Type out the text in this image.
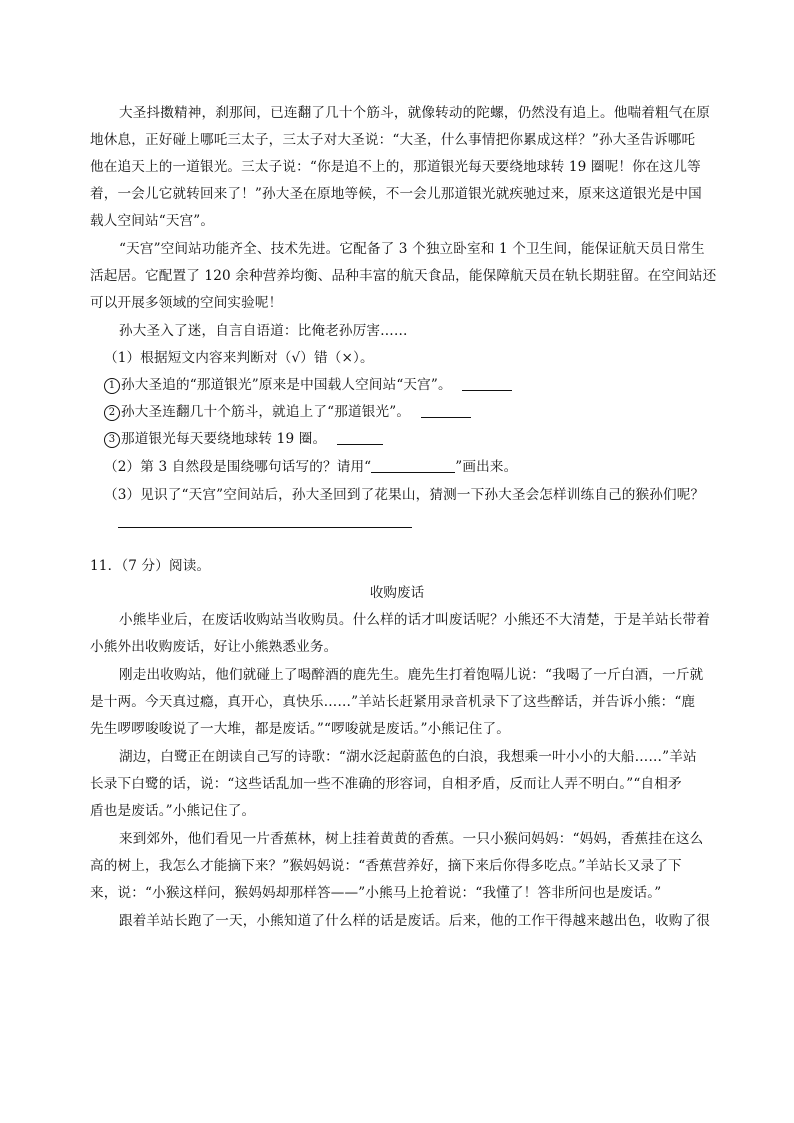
大圣抖擞精神，刹那间，已连翻了几十个筋斗，就像转动的陀螺，仍然没有追上。他喘着粗气在原
地休息，正好碰上哪吒三太子，三太子对大圣说：“大圣，什么事情把你累成这样？”孙大圣告诉哪吒
他在追天上的一道银光。三太子说：“你是追不上的，那道银光每天要绕地球转 19 圈呢！你在这儿等
着，一会儿它就转回来了！”孙大圣在原地等候，不一会儿那道银光就疾驰过来，原来这道银光是中国
载人空间站“天宫”。
“天宫”空间站功能齐全、技术先进。它配备了 3 个独立卧室和 1 个卫生间，能保证航天员日常生
活起居。它配置了 120 余种营养均衡、品种丰富的航天食品，能保障航天员在轨长期驻留。在空间站还
可以开展多领域的空间实验呢！
孙大圣入了迷，自言自语道：比俺老孙厉害……
（1）根据短文内容来判断对（√）错（×）。
1 孙大圣追的“那道银光”原来是中国载人空间站“天宫”。
2 孙大圣连翻几十个筋斗，就追上了“那道银光”。
3 那道银光每天要绕地球转 19 圈。
（2）第 3 自然段是围绕哪句话写的？请用“	”画出来。
（3）见识了“天宫”空间站后，孙大圣回到了花果山，猜测一下孙大圣会怎样训练自己的猴孙们呢？
11．（7 分）阅读。
收购废话
小熊毕业后，在废话收购站当收购员。什么样的话才叫废话呢？小熊还不大清楚，于是羊站长带着
小熊外出收购废话，好让小熊熟悉业务。
刚走出收购站，他们就碰上了喝醉酒的鹿先生。鹿先生打着饱嗝儿说：“我喝了一斤白酒，一斤就
是十两。今天真过瘾，真开心，真快乐……”羊站长赶紧用录音机录下了这些醉话，并告诉小熊：“鹿
先生啰啰唆唆说了一大堆，都是废话。”“啰唆就是废话。”小熊记住了。
湖边，白鹭正在朗读自己写的诗歌：“湖水泛起蔚蓝色的白浪，我想乘一叶小小的大船……”羊站
长录下白鹭的话，说：“这些话乱加一些不准确的形容词，自相矛盾，反而让人弄不明白。”“自相矛
盾也是废话。”小熊记住了。
来到郊外，他们看见一片香蕉林，树上挂着黄黄的香蕉。一只小猴问妈妈：“妈妈，香蕉挂在这么
高的树上，我怎么才能摘下来？”猴妈妈说：“香蕉营养好，摘下来后你得多吃点。”羊站长又录了下
来，说：“小猴这样问，猴妈妈却那样答——”小熊马上抢着说：“我懂了！答非所问也是废话。”
跟着羊站长跑了一天，小熊知道了什么样的话是废话。后来，他的工作干得越来越出色，收购了很
